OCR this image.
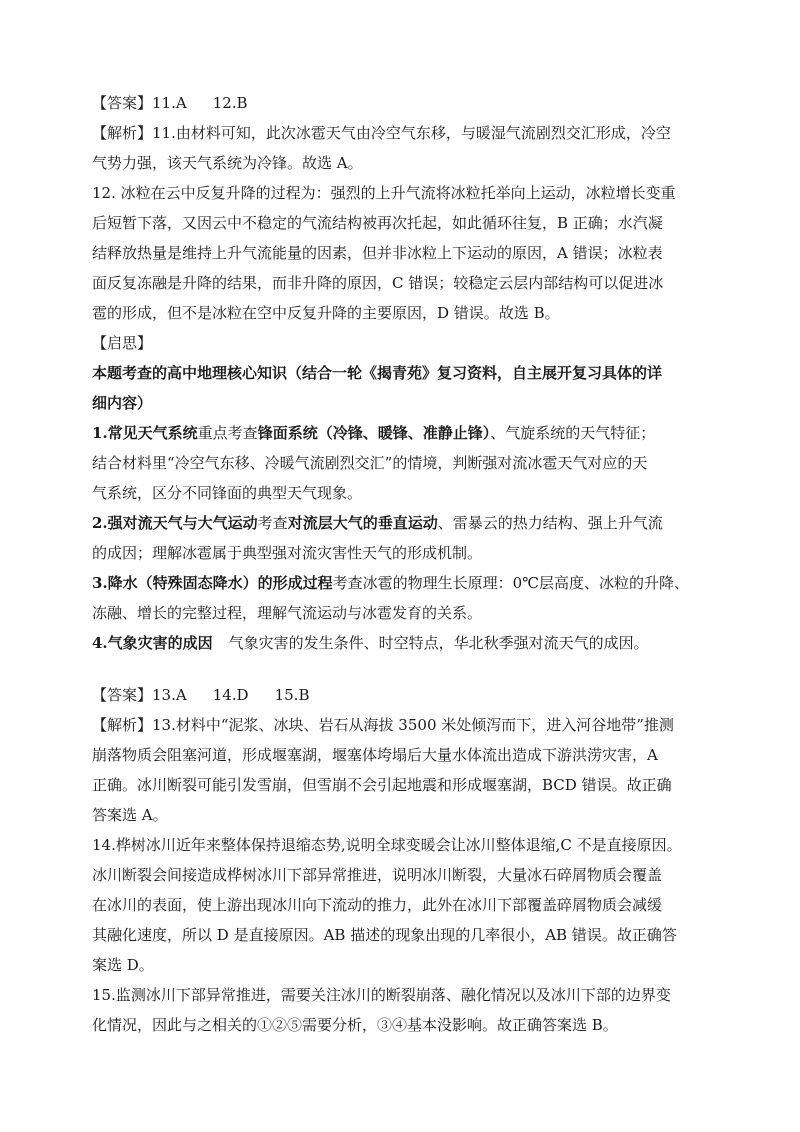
【答案】11.A 12.B
【解析】11.由材料可知，此次冰雹天气由冷空气东移，与暖湿气流剧烈交汇形成，冷空
气势力强，该天气系统为冷锋。故选 A。
12. 冰粒在云中反复升降的过程为：强烈的上升气流将冰粒托举向上运动，冰粒增长变重
后短暂下落，又因云中不稳定的气流结构被再次托起，如此循环往复，B 正确；水汽凝
结释放热量是维持上升气流能量的因素，但并非冰粒上下运动的原因，A 错误；冰粒表
面反复冻融是升降的结果，而非升降的原因，C 错误；较稳定云层内部结构可以促进冰
雹的形成，但不是冰粒在空中反复升降的主要原因，D 错误。故选 B。
【启思】
本题考查的高中地理核心知识（结合一轮《揭青苑》复习资料，自主展开复习具体的详
细内容）
1.常见天气系统重点考查锋面系统（冷锋、暖锋、准静止锋）、气旋系统的天气特征；
结合材料里“冷空气东移、冷暖气流剧烈交汇”的情境，判断强对流冰雹天气对应的天
气系统，区分不同锋面的典型天气现象。
2.强对流天气与大气运动考查对流层大气的垂直运动、雷暴云的热力结构、强上升气流
的成因；理解冰雹属于典型强对流灾害性天气的形成机制。
3.降水（特殊固态降水）的形成过程考查冰雹的物理生长原理：0℃层高度、冰粒的升降、
冻融、增长的完整过程，理解气流运动与冰雹发育的关系。
4.气象灾害的成因 气象灾害的发生条件、时空特点，华北秋季强对流天气的成因。
【答案】13.A 14.D 15.B
【解析】13.材料中“泥浆、冰块、岩石从海拔 3500 米处倾泻而下，进入河谷地带”推测
崩落物质会阻塞河道，形成堰塞湖，堰塞体垮塌后大量水体流出造成下游洪涝灾害，A
正确。冰川断裂可能引发雪崩，但雪崩不会引起地震和形成堰塞湖，BCD 错误。故正确
答案选 A。
14.桦树冰川近年来整体保持退缩态势,说明全球变暖会让冰川整体退缩,C 不是直接原因。
冰川断裂会间接造成桦树冰川下部异常推进，说明冰川断裂，大量冰石碎屑物质会覆盖
在冰川的表面，使上游出现冰川向下流动的推力，此外在冰川下部覆盖碎屑物质会减缓
其融化速度，所以 D 是直接原因。AB 描述的现象出现的几率很小，AB 错误。故正确答
案选 D。
15.监测冰川下部异常推进，需要关注冰川的断裂崩落、融化情况以及冰川下部的边界变
化情况，因此与之相关的①②⑤需要分析，③④基本没影响。故正确答案选 B。
